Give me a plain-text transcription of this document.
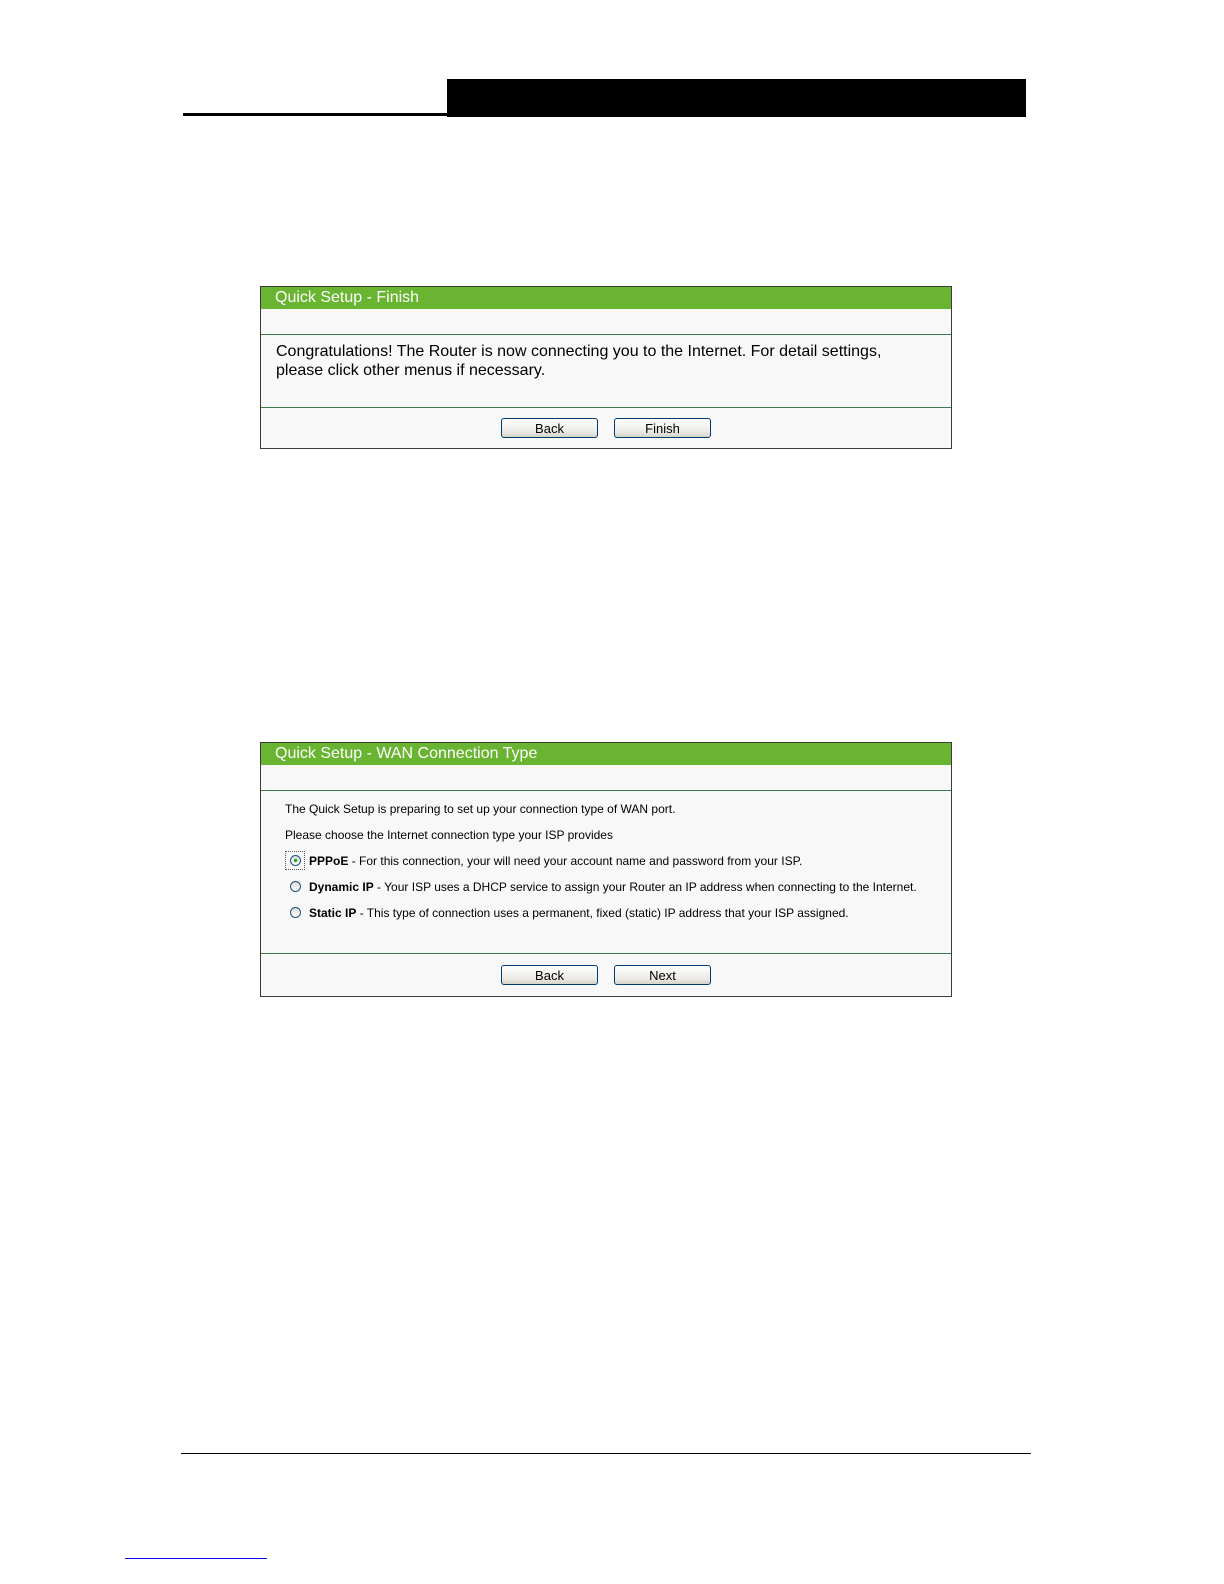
Quick Setup - Finish
Congratulations! The Router is now connecting you to the Internet. For detail settings,
please click other menus if necessary.
Back	Finish
Quick Setup - WAN Connection Type
The Quick Setup is preparing to set up your connection type of WAN port.
Please choose the Internet connection type your ISP provides
PPPoE - For this connection, your will need your account name and password from your ISP.
Dynamic IP - Your ISP uses a DHCP service to assign your Router an IP address when connecting to the Internet.
Static IP - This type of connection uses a permanent, fixed (static) IP address that your ISP assigned.
Back	Next
